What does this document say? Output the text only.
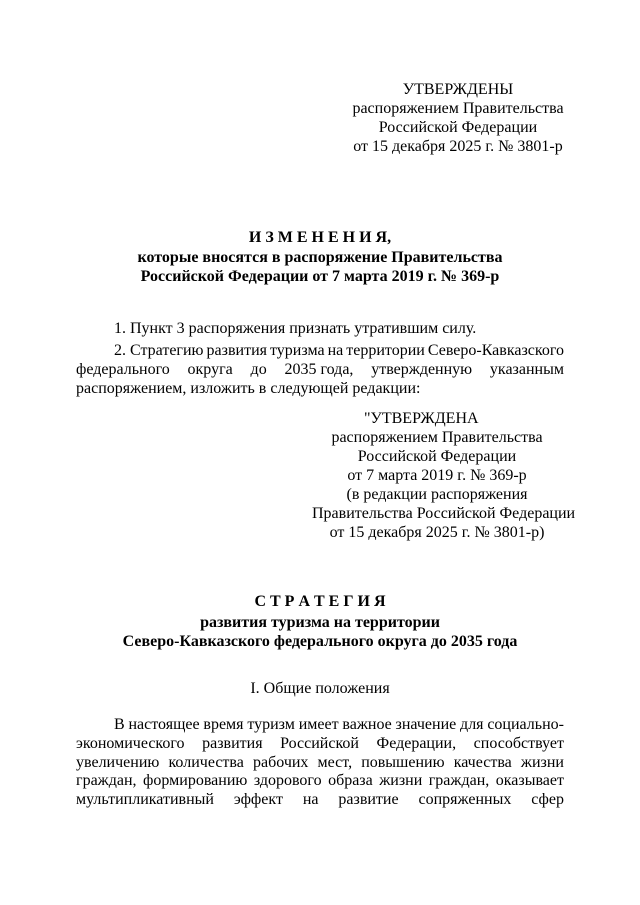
УТВЕРЖДЕНЫ
распоряжением Правительства
Российской Федерации
от 15 декабря 2025 г. № 3801-р
И З М Е Н Е Н И Я,
которые вносятся в распоряжение Правительства
Российской Федерации от 7 марта 2019 г. № 369-р
1. Пункт 3 распоряжения признать утратившим силу.
2. Стратегию развития туризма на территории Северо-Кавказского
федерального округа до 2035 года, утвержденную указанным
распоряжением, изложить в следующей редакции:
"УТВЕРЖДЕНА
распоряжением Правительства
Российской Федерации
от 7 марта 2019 г. № 369-р
(в редакции распоряжения
Правительства Российской Федерации
от 15 декабря 2025 г. № 3801-р)
С Т Р А Т Е Г И Я
развития туризма на территории
Северо-Кавказского федерального округа до 2035 года
I. Общие положения
В настоящее время туризм имеет важное значение для социально-
экономического развития Российской Федерации, способствует
увеличению количества рабочих мест, повышению качества жизни
граждан, формированию здорового образа жизни граждан, оказывает
мультипликативный эффект на развитие сопряженных сфер
